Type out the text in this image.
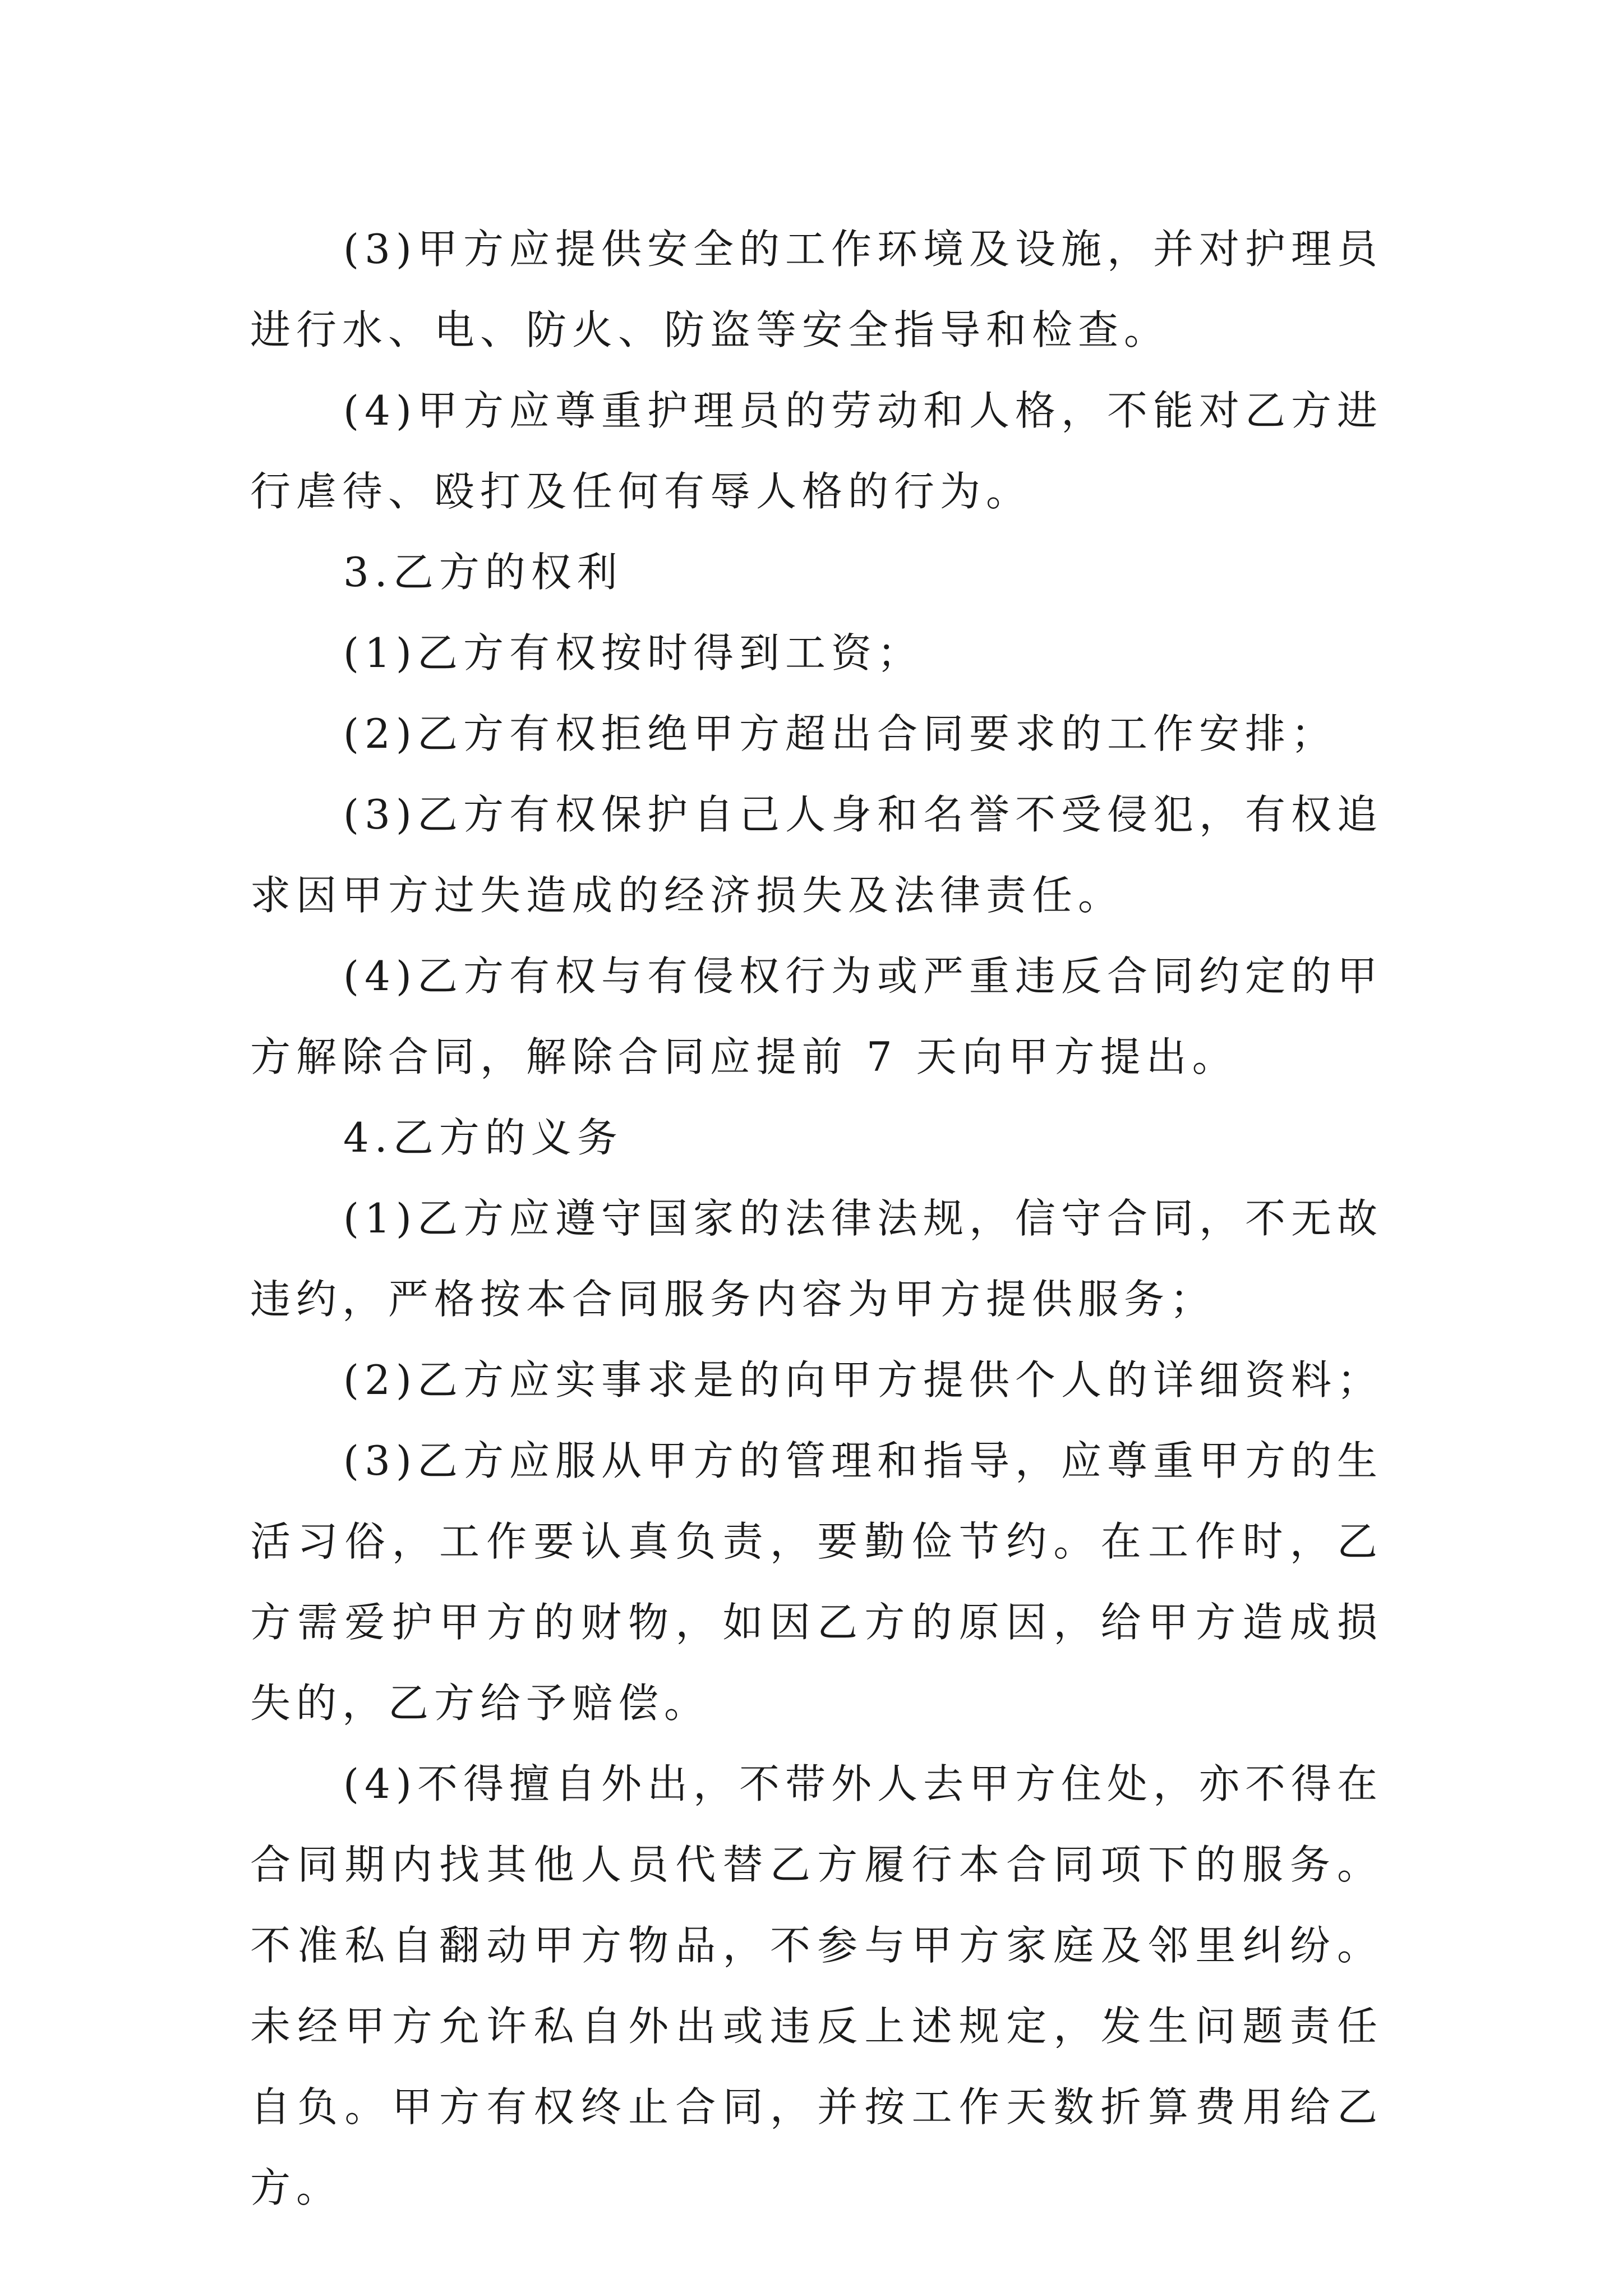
(3)甲方应提供安全的工作环境及设施，并对护理员进行水、电、防火、防盗等安全指导和检查。

(4)甲方应尊重护理员的劳动和人格，不能对乙方进行虐待、殴打及任何有辱人格的行为。

3.乙方的权利

(1)乙方有权按时得到工资；

(2)乙方有权拒绝甲方超出合同要求的工作安排；

(3)乙方有权保护自己人身和名誉不受侵犯，有权追求因甲方过失造成的经济损失及法律责任。

(4)乙方有权与有侵权行为或严重违反合同约定的甲方解除合同，解除合同应提前 7 天向甲方提出。

4.乙方的义务

(1)乙方应遵守国家的法律法规，信守合同，不无故违约，严格按本合同服务内容为甲方提供服务；

(2)乙方应实事求是的向甲方提供个人的详细资料；

(3)乙方应服从甲方的管理和指导，应尊重甲方的生活习俗，工作要认真负责，要勤俭节约。在工作时，乙方需爱护甲方的财物，如因乙方的原因，给甲方造成损失的，乙方给予赔偿。

(4)不得擅自外出，不带外人去甲方住处，亦不得在合同期内找其他人员代替乙方履行本合同项下的服务。不准私自翻动甲方物品，不参与甲方家庭及邻里纠纷。未经甲方允许私自外出或违反上述规定，发生问题责任自负。甲方有权终止合同，并按工作天数折算费用给乙方。
